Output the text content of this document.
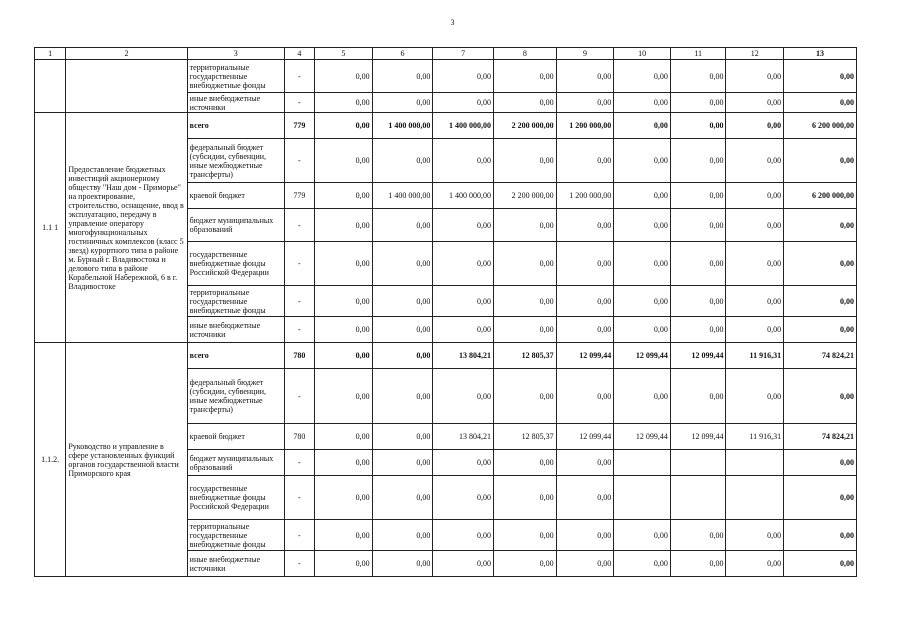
3
1	2	3	4	5	6	7	8	9	10	11	12	13
		территориальные государственные внебюджетные фонды	-	0,00	0,00	0,00	0,00	0,00	0,00	0,00	0,00	0,00
		иные внебюджетные источники	-	0,00	0,00	0,00	0,00	0,00	0,00	0,00	0,00	0,00
1.1 1	Предоставление бюджетных инвестиций акционерному обществу "Наш дом - Приморье" на проектирование, строительство, оснащение, ввод в эксплуатацию, передачу в управление оператору многофункциональных гостиничных комплексов (класс 5 звезд) курортного типа в районе м. Бурный г. Владивостока и делового типа в районе Корабельной Набережной, 6 в г. Владивостоке	всего	779	0,00	1 400 000,00	1 400 000,00	2 200 000,00	1 200 000,00	0,00	0,00	0,00	6 200 000,00
		федеральный бюджет (субсидии, субвенции, иные межбюджетные трансферты)	-	0,00	0,00	0,00	0,00	0,00	0,00	0,00	0,00	0,00
		краевой бюджет	779	0,00	1 400 000,00	1 400 000,00	2 200 000,00	1 200 000,00	0,00	0,00	0,00	6 200 000,00
		бюджет муниципальных образований	-	0,00	0,00	0,00	0,00	0,00	0,00	0,00	0,00	0,00
		государственные внебюджетные фонды Российской Федерации	-	0,00	0,00	0,00	0,00	0,00	0,00	0,00	0,00	0,00
		территориальные государственные внебюджетные фонды	-	0,00	0,00	0,00	0,00	0,00	0,00	0,00	0,00	0,00
		иные внебюджетные источники	-	0,00	0,00	0,00	0,00	0,00	0,00	0,00	0,00	0,00
1.1.2.	Руководство и управление в сфере установленных функций органов государственной власти Приморского края	всего	780	0,00	0,00	13 804,21	12 805,37	12 099,44	12 099,44	12 099,44	11 916,31	74 824,21
		федеральный бюджет (субсидии, субвенции, иные межбюджетные трансферты)	-	0,00	0,00	0,00	0,00	0,00	0,00	0,00	0,00	0,00
		краевой бюджет	780	0,00	0,00	13 804,21	12 805,37	12 099,44	12 099,44	12 099,44	11 916,31	74 824,21
		бюджет муниципальных образований	-	0,00	0,00	0,00	0,00	0,00				0,00
		государственные внебюджетные фонды Российской Федерации	-	0,00	0,00	0,00	0,00	0,00				0,00
		территориальные государственные внебюджетные фонды	-	0,00	0,00	0,00	0,00	0,00	0,00	0,00	0,00	0,00
		иные внебюджетные источники	-	0,00	0,00	0,00	0,00	0,00	0,00	0,00	0,00	0,00
